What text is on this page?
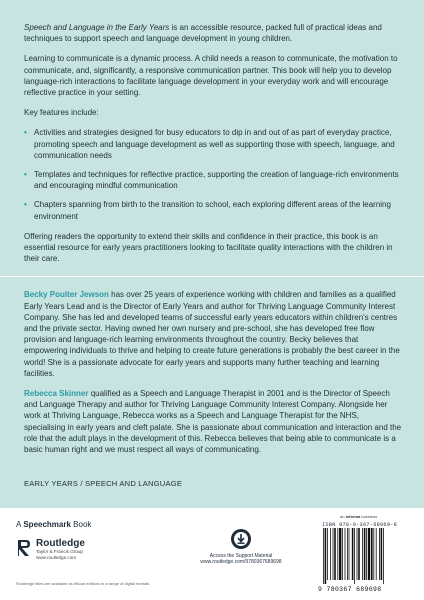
Speech and Language in the Early Years is an accessible resource, packed full of practical ideas and techniques to support speech and language development in young children.

Learning to communicate is a dynamic process. A child needs a reason to communicate, the motivation to communicate, and, significantly, a responsive communication partner. This book will help you to develop language-rich interactions to facilitate language development in your everyday work and will encourage reflective practice in your setting.

Key features include:

• Activities and strategies designed for busy educators to dip in and out of as part of everyday practice, promoting speech and language development as well as supporting those with speech, language, and communication needs
• Templates and techniques for reflective practice, supporting the creation of language-rich environments and encouraging mindful communication
• Chapters spanning from birth to the transition to school, each exploring different areas of the learning environment

Offering readers the opportunity to extend their skills and confidence in their practice, this book is an essential resource for early years practitioners looking to facilitate quality interactions with the children in their care.

Becky Poulter Jewson has over 25 years of experience working with children and families as a qualified Early Years Lead and is the Director of Early Years and author for Thriving Language Community Interest Company. She has led and developed teams of successful early years educators within children's centres and the private sector. Having owned her own nursery and pre-school, she has developed free flow provision and language-rich learning environments throughout the country. Becky believes that empowering individuals to thrive and helping to create future generations is probably the best career in the world! She is a passionate advocate for early years and supports many further teaching and learning facilities.

Rebecca Skinner qualified as a Speech and Language Therapist in 2001 and is the Director of Speech and Language Therapy and author for Thriving Language Community Interest Company. Alongside her work at Thriving Language, Rebecca works as a Speech and Language Therapist for the NHS, specialising in early years and cleft palate. She is passionate about communication and interaction and the role that the adult plays in the development of this. Rebecca believes that being able to communicate is a basic human right and we must respect all ways of communicating.

EARLY YEARS / SPEECH AND LANGUAGE
A Speechmark Book
Routledge
Taylor & Francis Group
www.routledge.com
Routledge titles are available as eBook editions in a range of digital formats
Access the Support Material
www.routledge.com/9780367689698
an informa business
ISBN 978-0-367-68969-8
9 780367 689698
